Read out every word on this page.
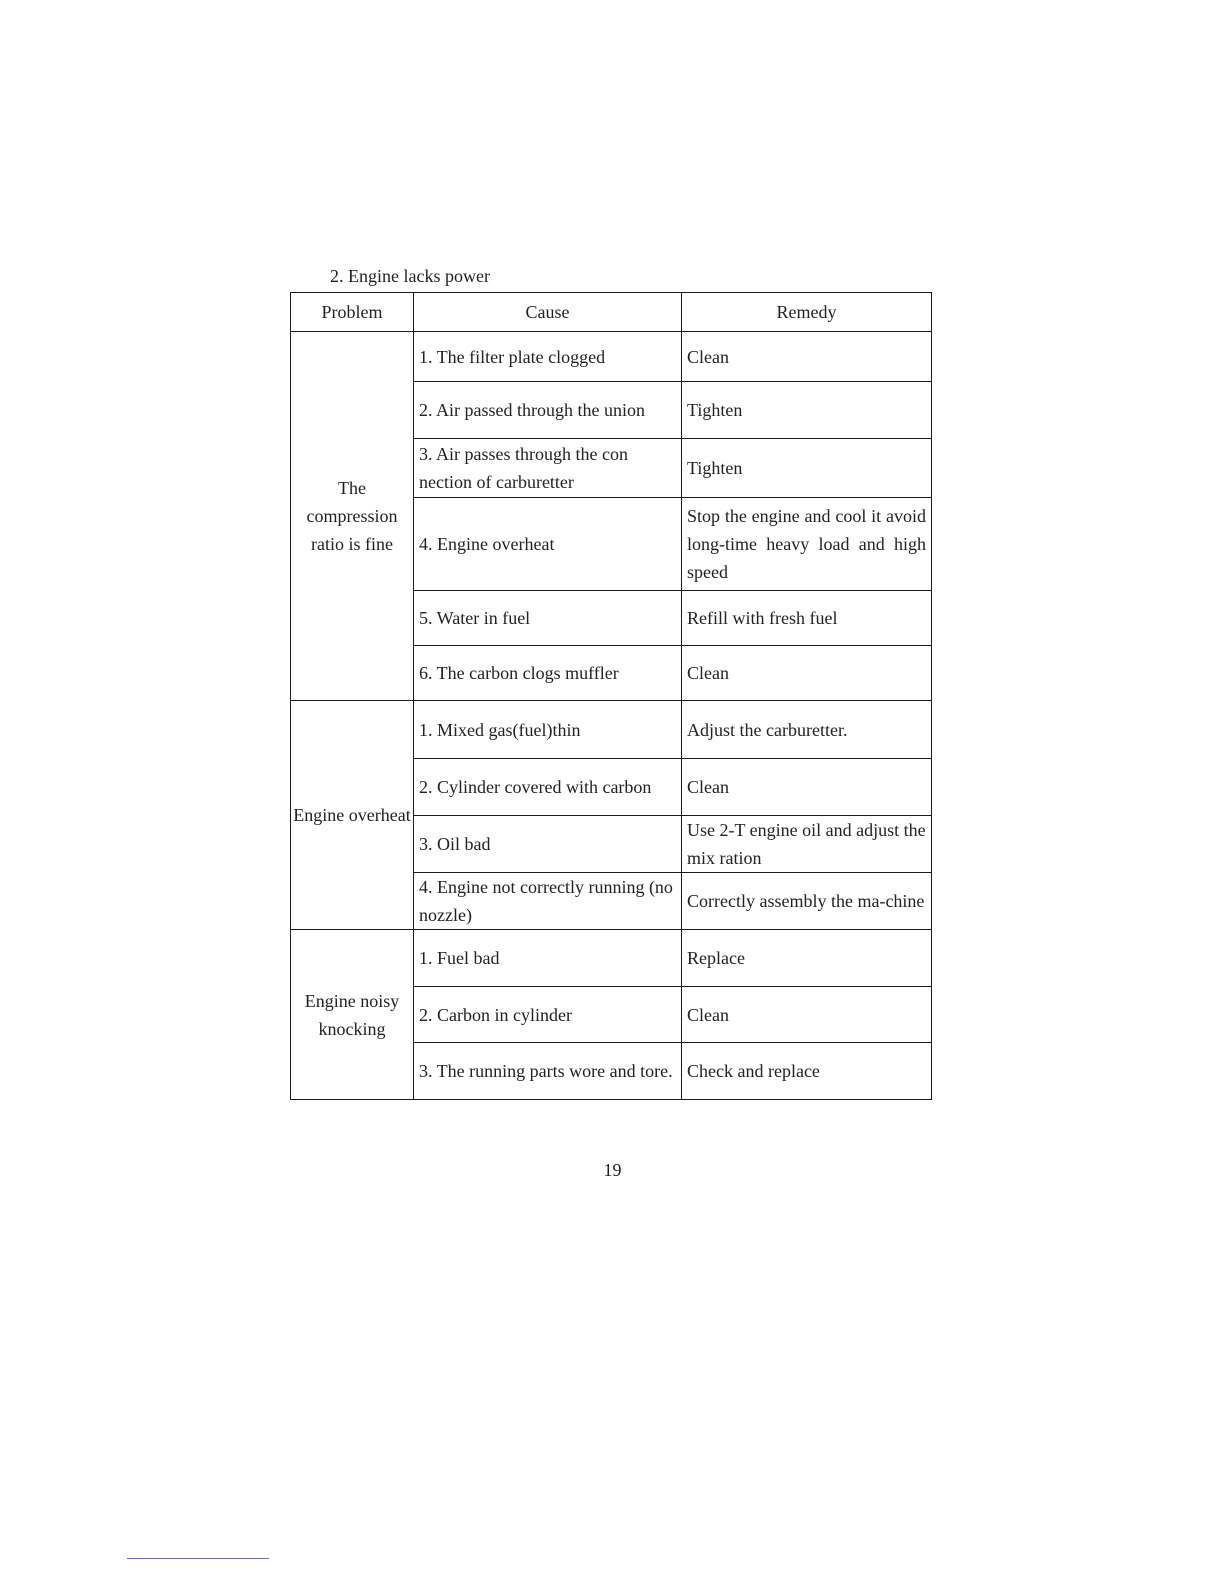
2. Engine lacks power
Problem	Cause	Remedy
The compression ratio is fine	1. The filter plate clogged	Clean
	2. Air passed through the union	Tighten
	3. Air passes through the con nection of carburetter	Tighten
	4. Engine overheat	Stop the engine and cool it avoid long-time heavy load and high speed
	5. Water in fuel	Refill with fresh fuel
	6. The carbon clogs muffler	Clean
Engine overheat	1. Mixed gas(fuel)thin	Adjust the carburetter.
	2. Cylinder covered with carbon	Clean
	3. Oil bad	Use 2-T engine oil and adjust the mix ration
	4. Engine not correctly running (no nozzle)	Correctly assembly the ma-chine
Engine noisy knocking	1. Fuel bad	Replace
	2. Carbon in cylinder	Clean
	3. The running parts wore and tore.	Check and replace
19
